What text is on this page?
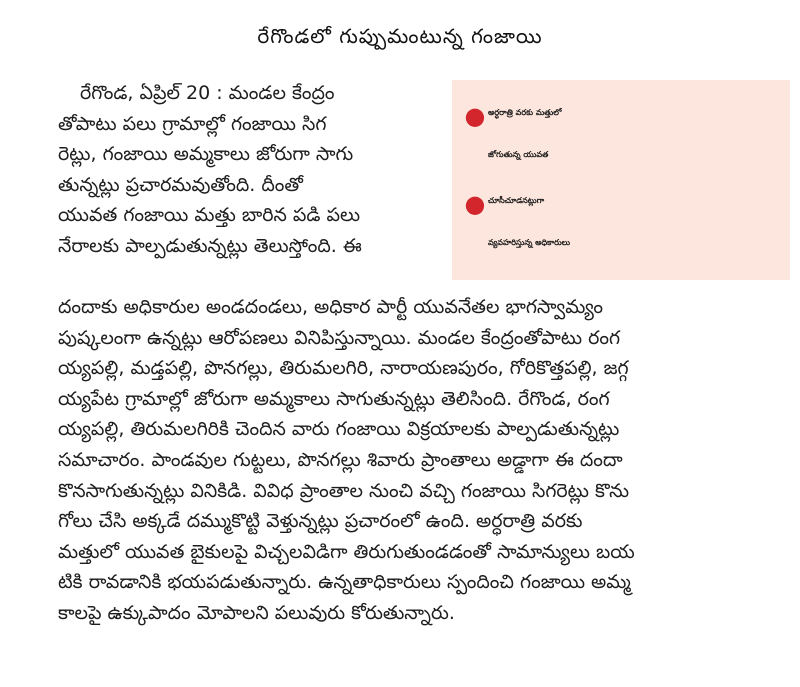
రేగొండలో గుప్పుమంటున్న గంజాయి

రేగొండ, ఏప్రిల్ 20 : మండల కేంద్రం

తోపాటు పలు గ్రామాల్లో గంజాయి సిగ

రెట్లు, గంజాయి అమ్మకాలు జోరుగా సాగు

తున్నట్లు ప్రచారమవుతోంది. దీంతో

యువత గంజాయి మత్తు బారిన పడి పలు

నేరాలకు పాల్పడుతున్నట్లు తెలుస్తోంది. ఈ

● అర్ధరాత్రి వరకు మత్తులో

జోగుతున్న యువత

● చూసీచూడనట్లుగా

వ్యవహరిస్తున్న అధికారులు

దందాకు అధికారుల అండదండలు, అధికార పార్టీ యువనేతల భాగస్వామ్యం

పుష్కలంగా ఉన్నట్లు ఆరోపణలు వినిపిస్తున్నాయి. మండల కేంద్రంతోపాటు రంగ

య్యపల్లి, మడ్తపల్లి, పొనగల్లు, తిరుమలగిరి, నారాయణపురం, గోరికొత్తపల్లి, జగ్గ

య్యపేట గ్రామాల్లో జోరుగా అమ్మకాలు సాగుతున్నట్లు తెలిసింది. రేగొండ, రంగ

య్యపల్లి, తిరుమలగిరికి చెందిన వారు గంజాయి విక్రయాలకు పాల్పడుతున్నట్లు

సమాచారం. పాండవుల గుట్టలు, పొనగల్లు శివారు ప్రాంతాలు అడ్డాగా ఈ దందా

కొనసాగుతున్నట్లు వినికిడి. వివిధ ప్రాంతాల నుంచి వచ్చి గంజాయి సిగరెట్లు కొను

గోలు చేసి అక్కడే దమ్ముకొట్టి వెళ్తున్నట్లు ప్రచారంలో ఉంది. అర్ధరాత్రి వరకు

మత్తులో యువత బైకులపై విచ్చలవిడిగా తిరుగుతుండడంతో సామాన్యులు బయ

టికి రావడానికి భయపడుతున్నారు. ఉన్నతాధికారులు స్పందించి గంజాయి అమ్మ

కాలపై ఉక్కుపాదం మోపాలని పలువురు కోరుతున్నారు.
